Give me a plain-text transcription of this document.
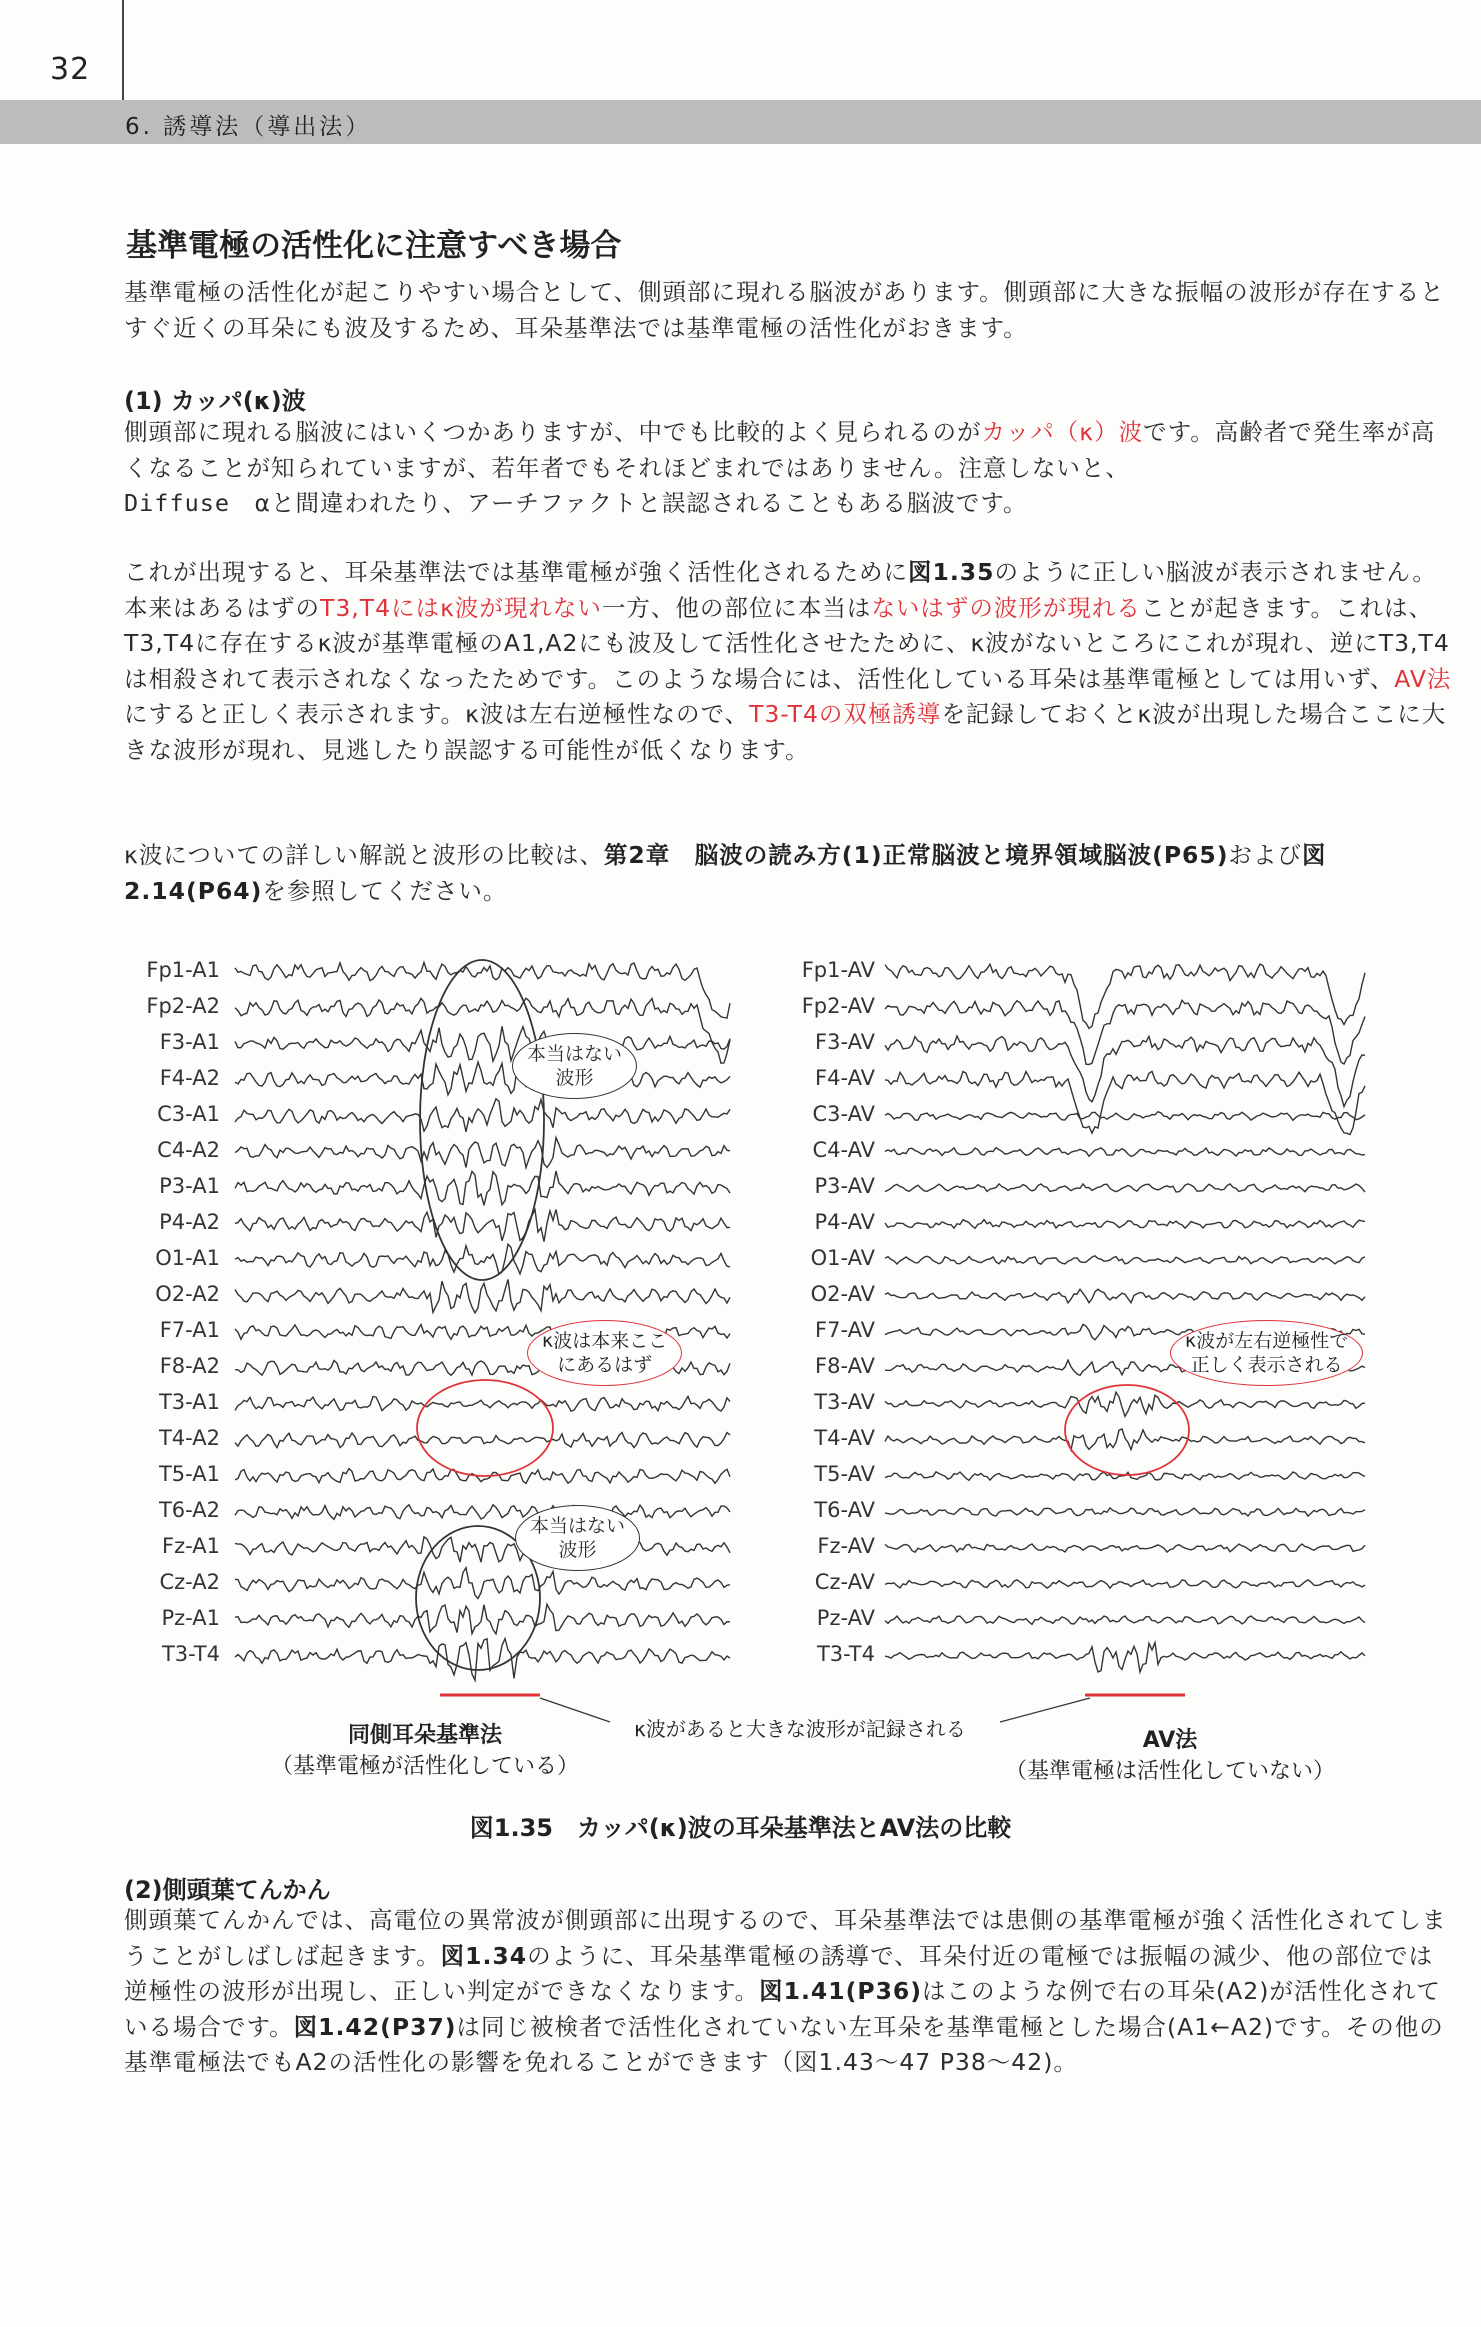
32
6. 誘導法（導出法）
基準電極の活性化に注意すべき場合
基準電極の活性化が起こりやすい場合として、側頭部に現れる脳波があります。側頭部に大きな振幅の波形が存在するとすぐ近くの耳朵にも波及するため、耳朵基準法では基準電極の活性化がおきます。
(1) カッパ(κ)波
側頭部に現れる脳波にはいくつかありますが、中でも比較的よく見られるのがカッパ（κ）波です。高齢者で発生率が高くなることが知られていますが、若年者でもそれほどまれではありません。注意しないと、
Diffuse　 αと間違われたり、アーチファクトと誤認されることもある脳波です。
これが出現すると、耳朵基準法では基準電極が強く活性化されるために図1.35のように正しい脳波が表示されません。本来はあるはずのT3,T4にはκ波が現れない一方、他の部位に本当はないはずの波形が現れることが起きます。これは、T3,T4に存在するκ波が基準電極のA1,A2にも波及して活性化させたために、κ波がないところにこれが現れ、逆にT3,T4は相殺されて表示されなくなったためです。このような場合には、活性化している耳朵は基準電極としては用いず、AV法にすると正しく表示されます。κ波は左右逆極性なので、T3-T4の双極誘導を記録しておくとκ波が出現した場合ここに大きな波形が現れ、見逃したり誤認する可能性が低くなります。
κ波についての詳しい解説と波形の比較は、第2章　脳波の読み方(1)正常脳波と境界領域脳波(P65)および図2.14(P64)を参照してください。
Fp1-A1
Fp2-A2
F3-A1
F4-A2
C3-A1
C4-A2
P3-A1
P4-A2
O1-A1
O2-A2
F7-A1
F8-A2
T3-A1
T4-A2
T5-A1
T6-A2
Fz-A1
Cz-A2
Pz-A1
T3-T4
Fp1-AV
Fp2-AV
F3-AV
F4-AV
C3-AV
C4-AV
P3-AV
P4-AV
O1-AV
O2-AV
F7-AV
F8-AV
T3-AV
T4-AV
T5-AV
T6-AV
Fz-AV
Cz-AV
Pz-AV
T3-T4
本当はない
波形
κ波は本来ここ
にあるはず
本当はない
波形
κ波が左右逆極性で
正しく表示される
同側耳朵基準法
（基準電極が活性化している）
κ波があると大きな波形が記録される	AV法
（基準電極は活性化していない）
図1.35　カッパ(κ)波の耳朵基準法とAV法の比較
(2)側頭葉てんかん
側頭葉てんかんでは、高電位の異常波が側頭部に出現するので、耳朵基準法では患側の基準電極が強く活性化されてしまうことがしばしば起きます。図1.34のように、耳朵基準電極の誘導で、耳朵付近の電極では振幅の減少、他の部位では逆極性の波形が出現し、正しい判定ができなくなります。図1.41(P36)はこのような例で右の耳朵(A2)が活性化されている場合です。図1.42(P37)は同じ被検者で活性化されていない左耳朵を基準電極とした場合(A1←A2)です。その他の基準電極法でもA2の活性化の影響を免れることができます（図1.43～47 P38～42)。
